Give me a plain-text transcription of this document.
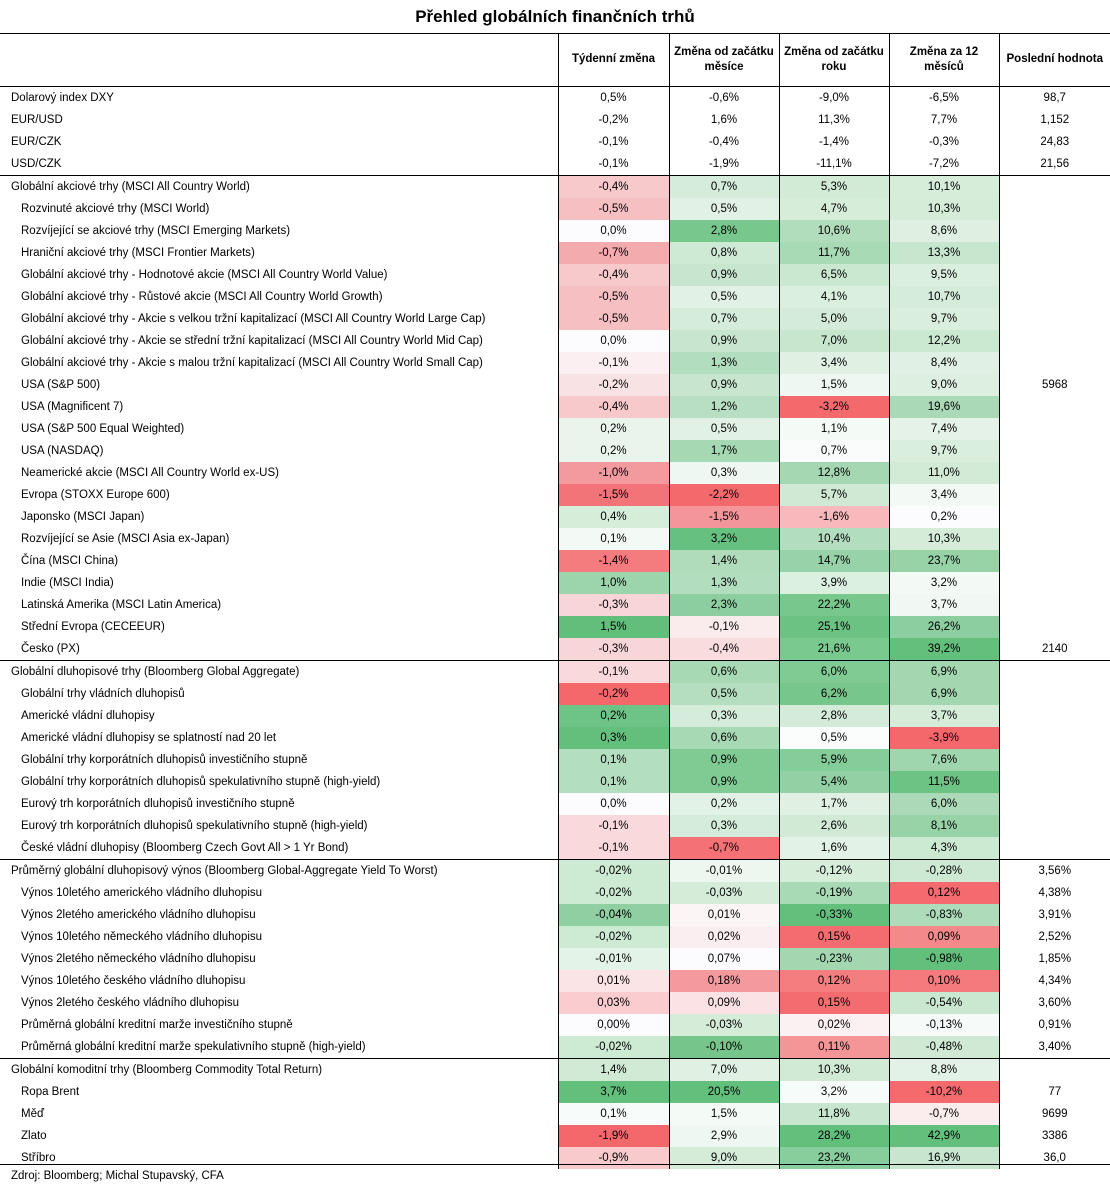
Přehled globálních finančních trhů
	Týdenní změna	Změna od začátku měsíce	Změna od začátku roku	Změna za 12 měsíců	Poslední hodnota
Dolarový index DXY	0,5%	-0,6%	-9,0%	-6,5%	98,7
EUR/USD	-0,2%	1,6%	11,3%	7,7%	1,152
EUR/CZK	-0,1%	-0,4%	-1,4%	-0,3%	24,83
USD/CZK	-0,1%	-1,9%	-11,1%	-7,2%	21,56
Globální akciové trhy (MSCI All Country World)	-0,4%	0,7%	5,3%	10,1%	
Rozvinuté akciové trhy (MSCI World)	-0,5%	0,5%	4,7%	10,3%	
Rozvíjející se akciové trhy (MSCI Emerging Markets)	0,0%	2,8%	10,6%	8,6%	
Hraniční akciové trhy (MSCI Frontier Markets)	-0,7%	0,8%	11,7%	13,3%	
Globální akciové trhy - Hodnotové akcie (MSCI All Country World Value)	-0,4%	0,9%	6,5%	9,5%	
Globální akciové trhy - Růstové akcie (MSCI All Country World Growth)	-0,5%	0,5%	4,1%	10,7%	
Globální akciové trhy - Akcie s velkou tržní kapitalizací (MSCI All Country World Large Cap)	-0,5%	0,7%	5,0%	9,7%	
Globální akciové trhy - Akcie se střední tržní kapitalizací (MSCI All Country World Mid Cap)	0,0%	0,9%	7,0%	12,2%	
Globální akciové trhy - Akcie s malou tržní kapitalizací (MSCI All Country World Small Cap)	-0,1%	1,3%	3,4%	8,4%	
USA (S&P 500)	-0,2%	0,9%	1,5%	9,0%	5968
USA (Magnificent 7)	-0,4%	1,2%	-3,2%	19,6%	
USA (S&P 500 Equal Weighted)	0,2%	0,5%	1,1%	7,4%	
USA (NASDAQ)	0,2%	1,7%	0,7%	9,7%	
Neamerické akcie (MSCI All Country World ex-US)	-1,0%	0,3%	12,8%	11,0%	
Evropa (STOXX Europe 600)	-1,5%	-2,2%	5,7%	3,4%	
Japonsko (MSCI Japan)	0,4%	-1,5%	-1,6%	0,2%	
Rozvíjející se Asie (MSCI Asia ex-Japan)	0,1%	3,2%	10,4%	10,3%	
Čína (MSCI China)	-1,4%	1,4%	14,7%	23,7%	
Indie (MSCI India)	1,0%	1,3%	3,9%	3,2%	
Latinská Amerika (MSCI Latin America)	-0,3%	2,3%	22,2%	3,7%	
Střední Evropa (CECEEUR)	1,5%	-0,1%	25,1%	26,2%	
Česko (PX)	-0,3%	-0,4%	21,6%	39,2%	2140
Globální dluhopisové trhy (Bloomberg Global Aggregate)	-0,1%	0,6%	6,0%	6,9%	
Globální trhy vládních dluhopisů	-0,2%	0,5%	6,2%	6,9%	
Americké vládní dluhopisy	0,2%	0,3%	2,8%	3,7%	
Americké vládní dluhopisy se splatností nad 20 let	0,3%	0,6%	0,5%	-3,9%	
Globální trhy korporátních dluhopisů investičního stupně	0,1%	0,9%	5,9%	7,6%	
Globální trhy korporátních dluhopisů spekulativního stupně (high-yield)	0,1%	0,9%	5,4%	11,5%	
Eurový trh korporátních dluhopisů investičního stupně	0,0%	0,2%	1,7%	6,0%	
Eurový trh korporátních dluhopisů spekulativního stupně (high-yield)	-0,1%	0,3%	2,6%	8,1%	
České vládní dluhopisy (Bloomberg Czech Govt All > 1 Yr Bond)	-0,1%	-0,7%	1,6%	4,3%	
Průměrný globální dluhopisový výnos (Bloomberg Global-Aggregate Yield To Worst)	-0,02%	-0,01%	-0,12%	-0,28%	3,56%
Výnos 10letého amerického vládního dluhopisu	-0,02%	-0,03%	-0,19%	0,12%	4,38%
Výnos 2letého amerického vládního dluhopisu	-0,04%	0,01%	-0,33%	-0,83%	3,91%
Výnos 10letého německého vládního dluhopisu	-0,02%	0,02%	0,15%	0,09%	2,52%
Výnos 2letého německého vládního dluhopisu	-0,01%	0,07%	-0,23%	-0,98%	1,85%
Výnos 10letého českého vládního dluhopisu	0,01%	0,18%	0,12%	0,10%	4,34%
Výnos 2letého českého vládního dluhopisu	0,03%	0,09%	0,15%	-0,54%	3,60%
Průměrná globální kreditní marže investičního stupně	0,00%	-0,03%	0,02%	-0,13%	0,91%
Průměrná globální kreditní marže spekulativního stupně (high-yield)	-0,02%	-0,10%	0,11%	-0,48%	3,40%
Globální komoditní trhy (Bloomberg Commodity Total Return)	1,4%	7,0%	10,3%	8,8%	
Ropa Brent	3,7%	20,5%	3,2%	-10,2%	77
Měď	0,1%	1,5%	11,8%	-0,7%	9699
Zlato	-1,9%	2,9%	28,2%	42,9%	3386
Stříbro	-0,9%	9,0%	23,2%	16,9%	36,0
Zdroj: Bloomberg; Michal Stupavský, CFA
